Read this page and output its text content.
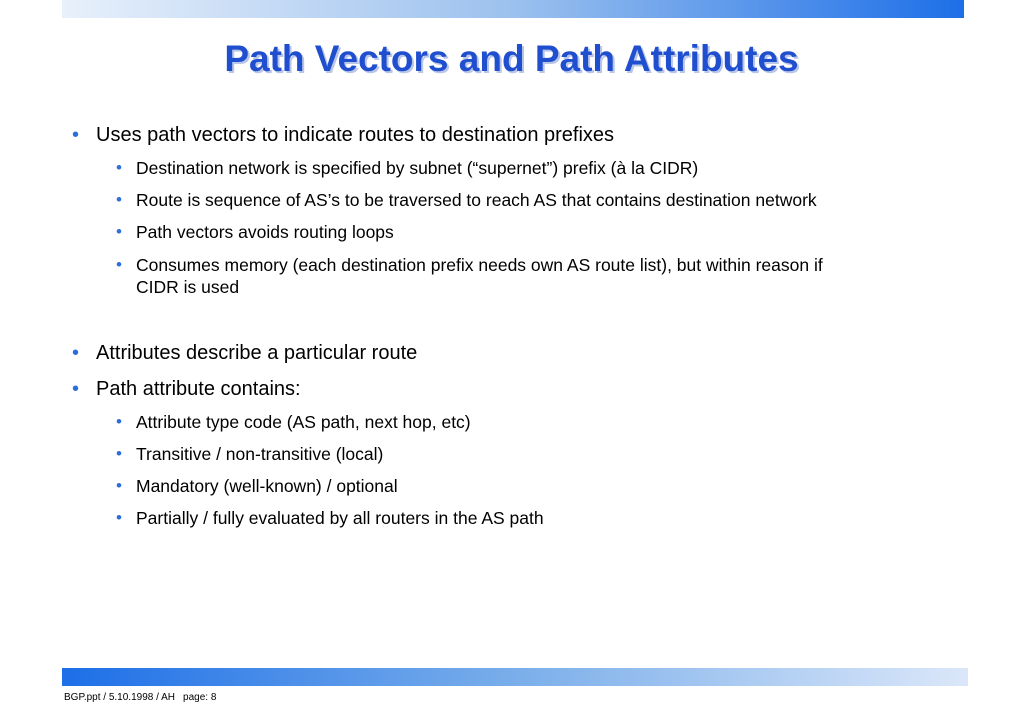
Path Vectors and Path Attributes
• Uses path vectors to indicate routes to destination prefixes
• Destination network is specified by subnet (“supernet”) prefix (à la CIDR)
• Route is sequence of AS’s to be traversed to reach AS that contains destination network
• Path vectors avoids routing loops
• Consumes memory (each destination prefix needs own AS route list), but within reason if
CIDR is used
• Attributes describe a particular route
• Path attribute contains:
• Attribute type code (AS path, next hop, etc)
• Transitive / non-transitive (local)
• Mandatory (well-known) / optional
• Partially / fully evaluated by all routers in the AS path
BGP.ppt / 5.10.1998 / AH page: 8
